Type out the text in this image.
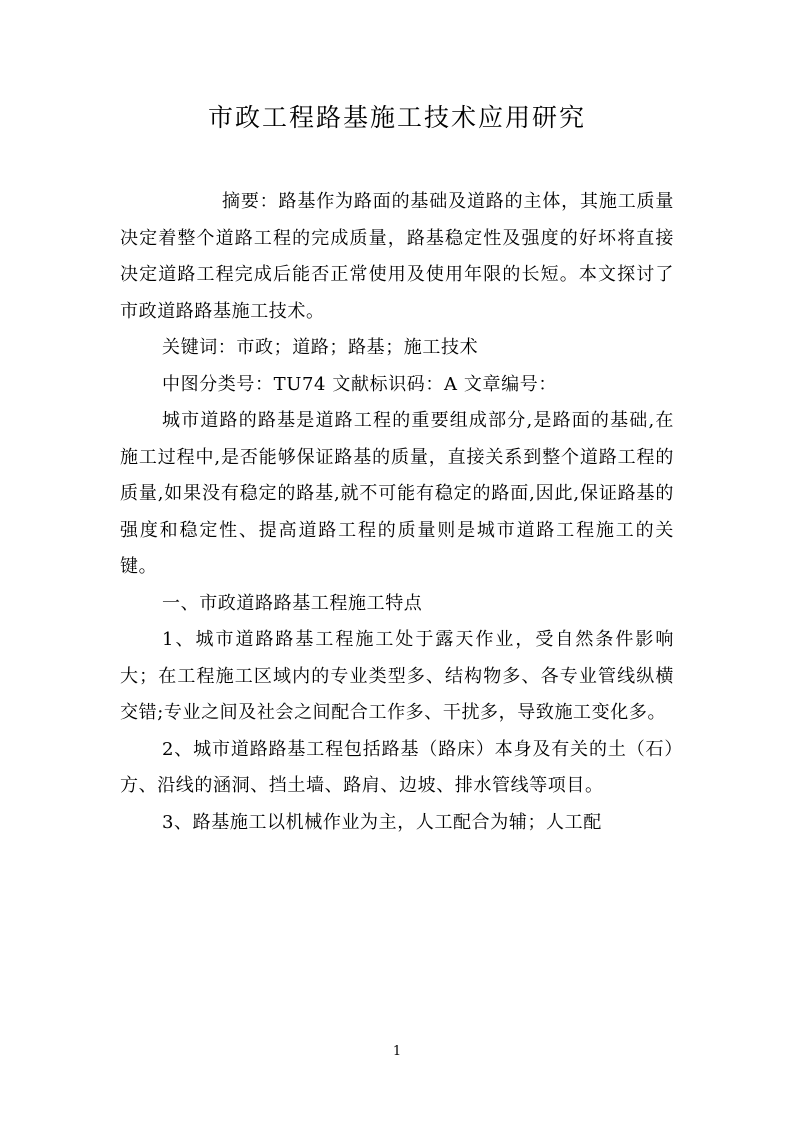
市政工程路基施工技术应用研究

摘要：路基作为路面的基础及道路的主体，其施工质量决定着整个道路工程的完成质量，路基稳定性及强度的好坏将直接决定道路工程完成后能否正常使用及使用年限的长短。本文探讨了市政道路路基施工技术。

关键词：市政；道路；路基；施工技术

中图分类号：TU74 文献标识码：A 文章编号：

城市道路的路基是道路工程的重要组成部分,是路面的基础,在施工过程中,是否能够保证路基的质量，直接关系到整个道路工程的质量,如果没有稳定的路基,就不可能有稳定的路面,因此,保证路基的强度和稳定性、提高道路工程的质量则是城市道路工程施工的关键。

一、市政道路路基工程施工特点

1、城市道路路基工程施工处于露天作业，受自然条件影响大；在工程施工区域内的专业类型多、结构物多、各专业管线纵横交错;专业之间及社会之间配合工作多、干扰多，导致施工变化多。

2、城市道路路基工程包括路基（路床）本身及有关的土（石）方、沿线的涵洞、挡土墙、路肩、边坡、排水管线等项目。

3、路基施工以机械作业为主，人工配合为辅；人工配

1
